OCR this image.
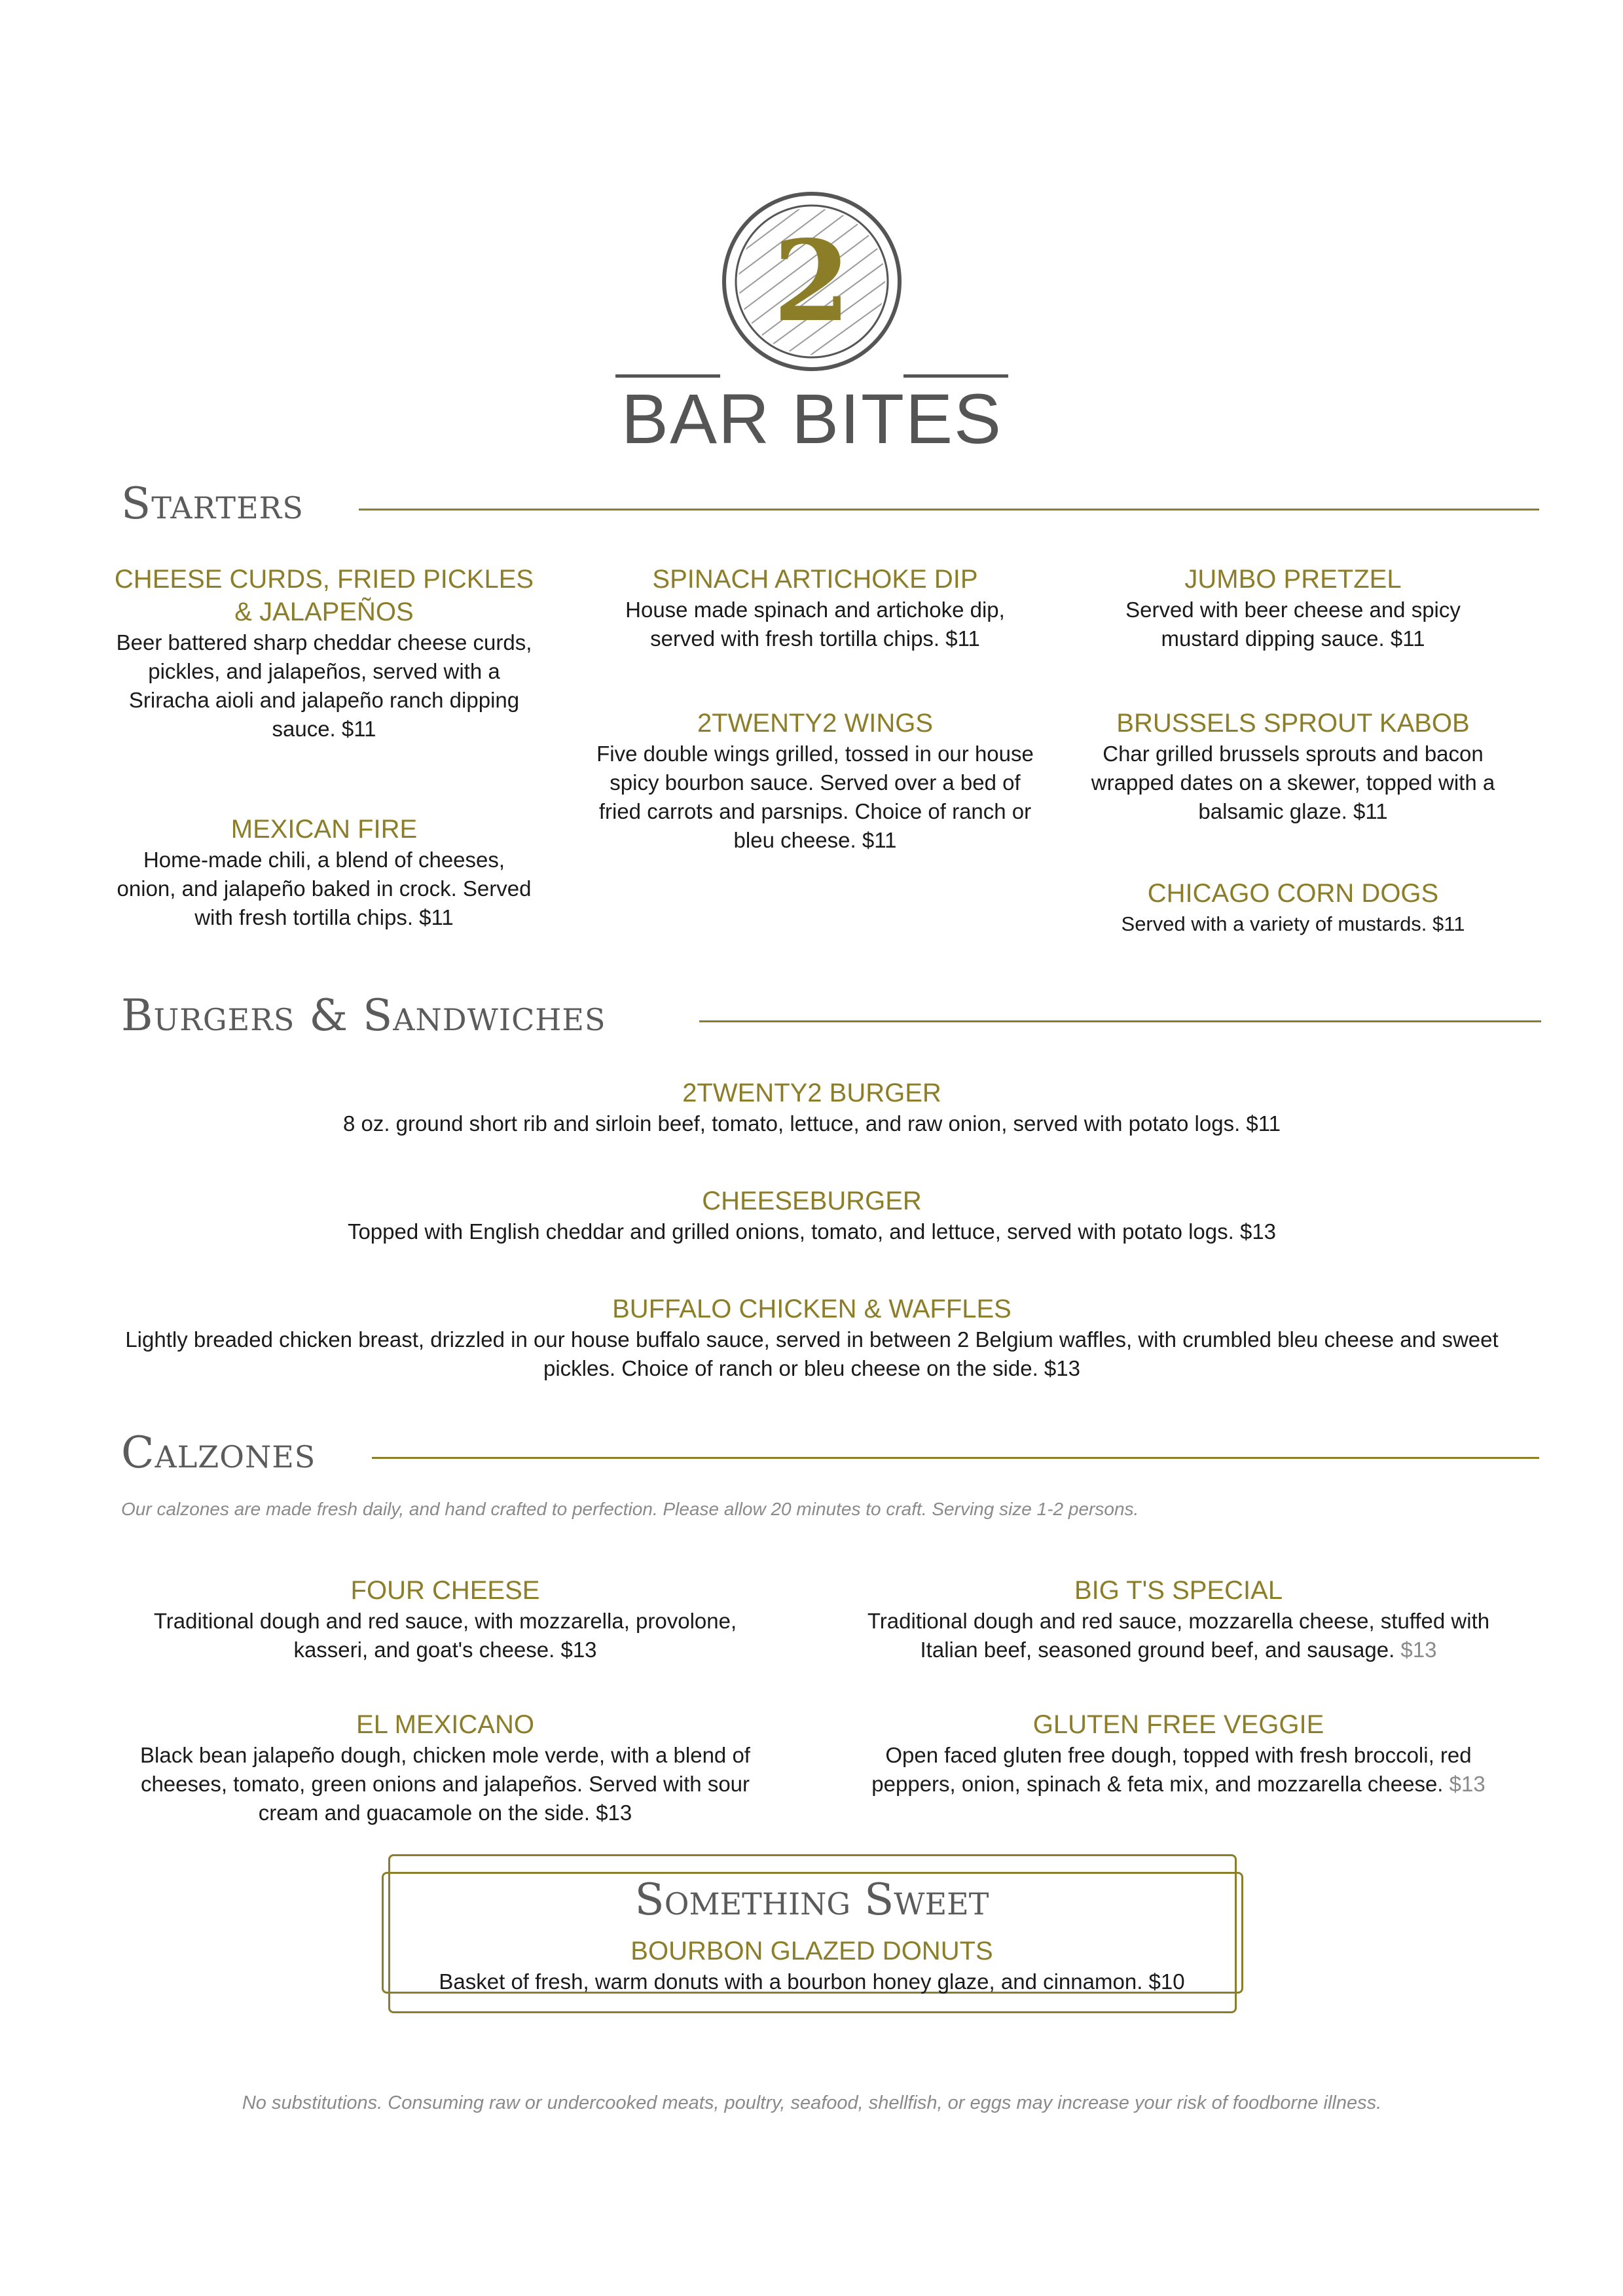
2
BAR BITES
Starters
CHEESE CURDS, FRIED PICKLES & JALAPEÑOS
Beer battered sharp cheddar cheese curds, pickles, and jalapeños, served with a Sriracha aioli and jalapeño ranch dipping sauce. $11
MEXICAN FIRE
Home-made chili, a blend of cheeses, onion, and jalapeño baked in crock. Served with fresh tortilla chips. $11
SPINACH ARTICHOKE DIP
House made spinach and artichoke dip, served with fresh tortilla chips. $11
2TWENTY2 WINGS
Five double wings grilled, tossed in our house spicy bourbon sauce. Served over a bed of fried carrots and parsnips. Choice of ranch or bleu cheese. $11
JUMBO PRETZEL
Served with beer cheese and spicy mustard dipping sauce. $11
BRUSSELS SPROUT KABOB
Char grilled brussels sprouts and bacon wrapped dates on a skewer, topped with a balsamic glaze. $11
CHICAGO CORN DOGS
Served with a variety of mustards. $11
Burgers & Sandwiches
2TWENTY2 BURGER
8 oz. ground short rib and sirloin beef, tomato, lettuce, and raw onion, served with potato logs. $11
CHEESEBURGER
Topped with English cheddar and grilled onions, tomato, and lettuce, served with potato logs. $13
BUFFALO CHICKEN & WAFFLES
Lightly breaded chicken breast, drizzled in our house buffalo sauce, served in between 2 Belgium waffles, with crumbled bleu cheese and sweet pickles. Choice of ranch or bleu cheese on the side. $13
Calzones
Our calzones are made fresh daily, and hand crafted to perfection. Please allow 20 minutes to craft. Serving size 1-2 persons.
FOUR CHEESE
Traditional dough and red sauce, with mozzarella, provolone, kasseri, and goat's cheese. $13
EL MEXICANO
Black bean jalapeño dough, chicken mole verde, with a blend of cheeses, tomato, green onions and jalapeños. Served with sour cream and guacamole on the side. $13
BIG T'S SPECIAL
Traditional dough and red sauce, mozzarella cheese, stuffed with Italian beef, seasoned ground beef, and sausage. $13
GLUTEN FREE VEGGIE
Open faced gluten free dough, topped with fresh broccoli, red peppers, onion, spinach & feta mix, and mozzarella cheese. $13
Something Sweet
BOURBON GLAZED DONUTS
Basket of fresh, warm donuts with a bourbon honey glaze, and cinnamon. $10
No substitutions. Consuming raw or undercooked meats, poultry, seafood, shellfish, or eggs may increase your risk of foodborne illness.
